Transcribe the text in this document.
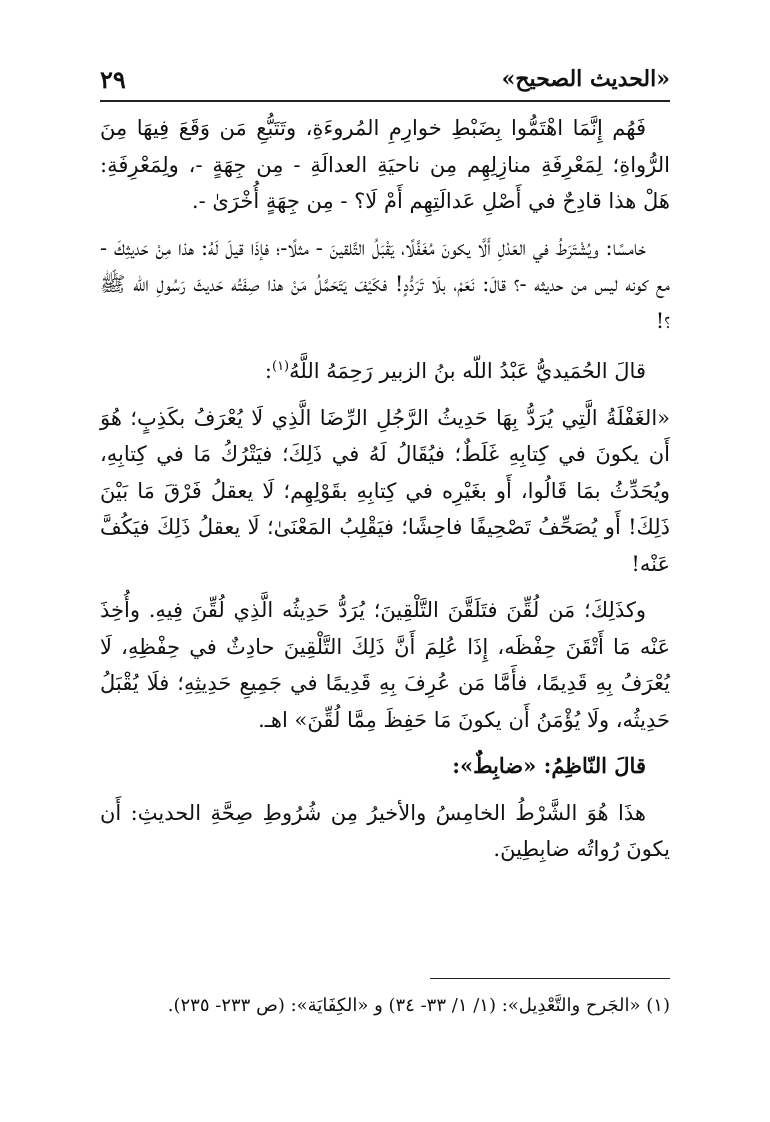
«الحديث الصحيح»
٢٩

فَهُم إِنَّمَا اهْتَمُّوا بِضَبْطِ خوارِمِ المُروءَةِ، وتَتَبُّعِ مَن وَقَعَ فِيهَا مِنَ الرُّواةِ؛ لِمَعْرِفَةِ منازِلِهِم مِن ناحيَةِ العدالَةِ - مِن جِهَةٍ -، ولِمَعْرِفَةِ: هَلْ هذا قادِحٌ في أَصْلِ عَدالَتِهِم أَمْ لَا؟ - مِن جِهَةٍ أُخْرَىٰ -.

خامسًا: ويُشْتَرَطُ في العَدْلِ أَلَّا يكونَ مُغَفَّلًا، يَقْبَلُ التَّلقينَ - مثلًا-؛ فإذَا قيلَ لَهُ: هذا مِنْ حَديثِكَ - مع كونه ليس من حديثه -؟ قالَ: نَعَمْ، بلَا تَرَدُّدٍ! فكَيْفَ يَتَحَمَّلُ مَنْ هذا صِفَتُه حَديثَ رَسُولِ اللّه ﷺ ؟!

قالَ الحُمَيديُّ عَبْدُ اللّه بنُ الزبير رَحِمَهُ اللَّهُ$^{(١)}$:

«الغَفْلَةُ الَّتِي يُرَدُّ بِهَا حَدِيثُ الرَّجُلِ الرِّضَا الَّذِي لَا يُعْرَفُ بكَذِبٍ؛ هُوَ أَن يكونَ في كِتابِهِ غَلَطٌ؛ فيُقَالُ لَهُ في ذَلِكَ؛ فيَتْرُكُ مَا في كِتابِهِ، ويُحَدِّثُ بمَا قَالُوا، أَو بغَيْرِه في كِتابِهِ بقَوْلِهِم؛ لَا يعقلُ فَرْقَ مَا بَيْنَ ذَلِكَ! أَو يُصَحِّفُ تَصْحِيفًا فاحِشًا؛ فيَقْلِبُ المَعْنَىٰ؛ لَا يعقلُ ذَلِكَ فيَكُفَّ عَنْه!

وكذَلِكَ؛ مَن لُقِّنَ فتَلَقَّنَ التَّلْقِينَ؛ يُرَدُّ حَدِيثُه الَّذِي لُقِّنَ فِيهِ. وأُخِذَ عَنْه مَا أَتْقَنَ حِفْظَه، إِذَا عُلِمَ أَنَّ ذَلِكَ التَّلْقِينَ حادِثٌ في حِفْظِهِ، لَا يُعْرَفُ بِهِ قَدِيمًا، فأَمَّا مَن عُرِفَ بِهِ قَدِيمًا في جَمِيعِ حَدِيثِهِ؛ فلَا يُقْبَلُ حَدِيثُه، ولَا يُؤْمَنُ أَن يكونَ مَا حَفِظَ مِمَّا لُقِّنَ» اهـ.

قالَ النّاظِمُ: «ضابِطٌ»:

هذَا هُوَ الشَّرْطُ الخامِسُ والأخيرُ مِن شُرُوطِ صِحَّةِ الحديثِ: أَن يكونَ رُواتُه ضابِطِينَ.

(١) «الجَرح والتَّعْدِيل»: (١/ ١/ ٣٣- ٣٤) و «الكِفَايَة»: (ص ٢٣٣- ٢٣٥).
